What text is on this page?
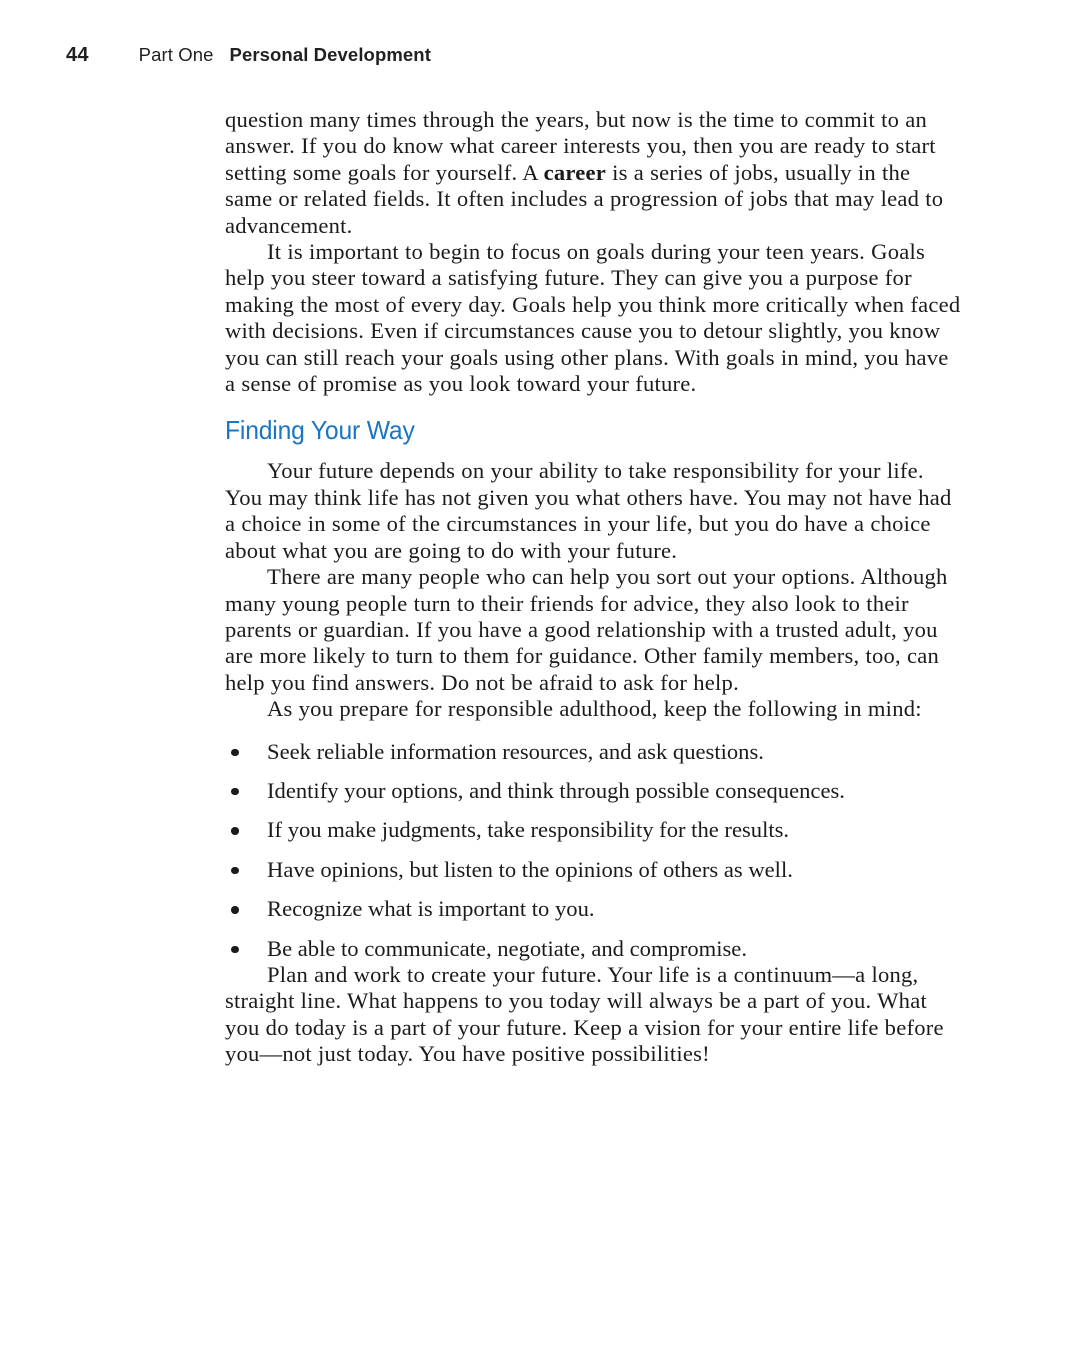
44	Part One Personal Development

question many times through the years, but now is the time to commit to an answer. If you do know what career interests you, then you are ready to start setting some goals for yourself. A career is a series of jobs, usually in the same or related fields. It often includes a progression of jobs that may lead to advancement.

It is important to begin to focus on goals during your teen years. Goals help you steer toward a satisfying future. They can give you a purpose for making the most of every day. Goals help you think more critically when faced with decisions. Even if circumstances cause you to detour slightly, you know you can still reach your goals using other plans. With goals in mind, you have a sense of promise as you look toward your future.

Finding Your Way

Your future depends on your ability to take responsibility for your life. You may think life has not given you what others have. You may not have had a choice in some of the circumstances in your life, but you do have a choice about what you are going to do with your future.

There are many people who can help you sort out your options. Although many young people turn to their friends for advice, they also look to their parents or guardian. If you have a good relationship with a trusted adult, you are more likely to turn to them for guidance. Other family members, too, can help you find answers. Do not be afraid to ask for help.

As you prepare for responsible adulthood, keep the following in mind:

Seek reliable information resources, and ask questions.
Identify your options, and think through possible consequences.
If you make judgments, take responsibility for the results.
Have opinions, but listen to the opinions of others as well.
Recognize what is important to you.
Be able to communicate, negotiate, and compromise.

Plan and work to create your future. Your life is a continuum—a long, straight line. What happens to you today will always be a part of you. What you do today is a part of your future. Keep a vision for your entire life before you—not just today. You have positive possibilities!
